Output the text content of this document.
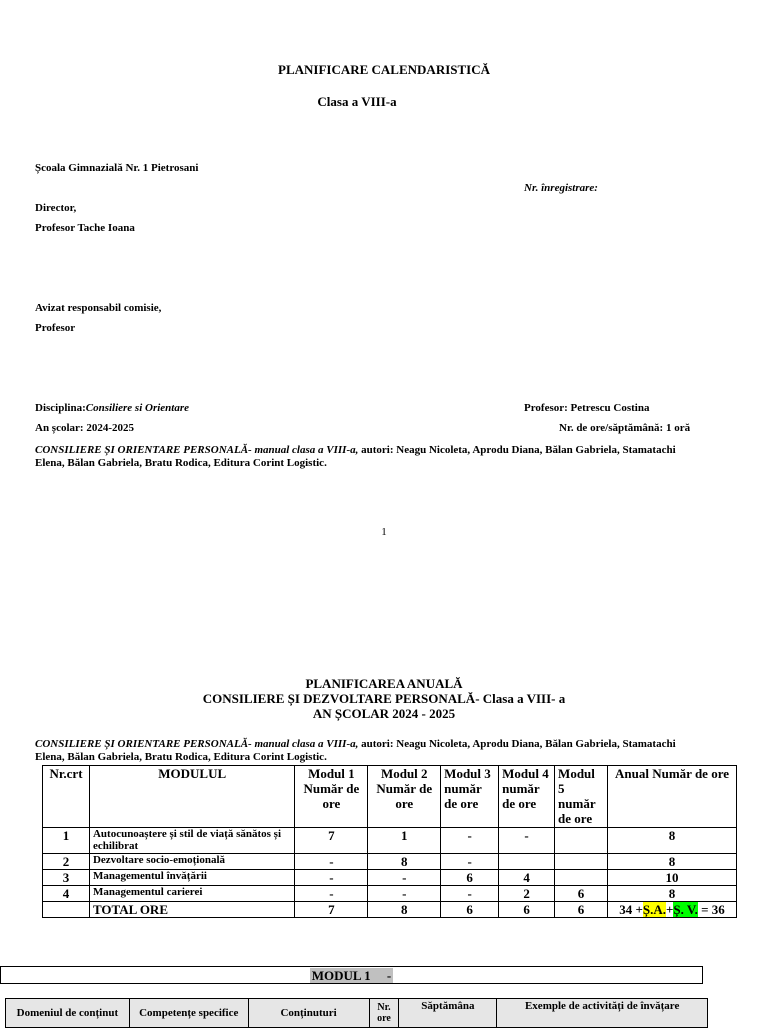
PLANIFICARE CALENDARISTICĂ
Clasa a VIII-a
Școala Gimnazială Nr. 1 Pietrosani
Nr. înregistrare:
Director,
Profesor Tache Ioana
Avizat responsabil comisie,
Profesor
Disciplina:Consiliere si Orientare	Profesor: Petrescu Costina
An școlar: 2024-2025	Nr. de ore/săptămână: 1 oră
CONSILIERE ȘI ORIENTARE PERSONALĂ- manual clasa a VIII-a, autori: Neagu Nicoleta, Aprodu Diana, Bălan Gabriela, Stamatachi
Elena, Bălan Gabriela, Bratu Rodica, Editura Corint Logistic.
1
PLANIFICAREA ANUALĂ
CONSILIERE ȘI DEZVOLTARE PERSONALĂ- Clasa a VIII- a
AN ȘCOLAR 2024 - 2025
CONSILIERE ȘI ORIENTARE PERSONALĂ- manual clasa a VIII-a, autori: Neagu Nicoleta, Aprodu Diana, Bălan Gabriela, Stamatachi
Elena, Bălan Gabriela, Bratu Rodica, Editura Corint Logistic.
Nr.crt	MODULUL	Modul 1 Număr de ore	Modul 2 Număr de ore	Modul 3 număr de ore	Modul 4 număr de ore	Modul 5 număr de ore	Anual Număr de ore
1	Autocunoaștere și stil de viață sănătos și echilibrat	7	1	-	-		8
2	Dezvoltare socio-emoțională	-	8	-			8
3	Managementul învățării	-	-	6	4		10
4	Managementul carierei	-	-	-	2	6	8
	TOTAL ORE	7	8	6	6	6	34 +Ș.A.+Ș. V. = 36
MODUL 1     -
Domeniul de conținut	Competențe specifice	Conținuturi	Nr. ore	Săptămâna	Exemple de activități de învățare
